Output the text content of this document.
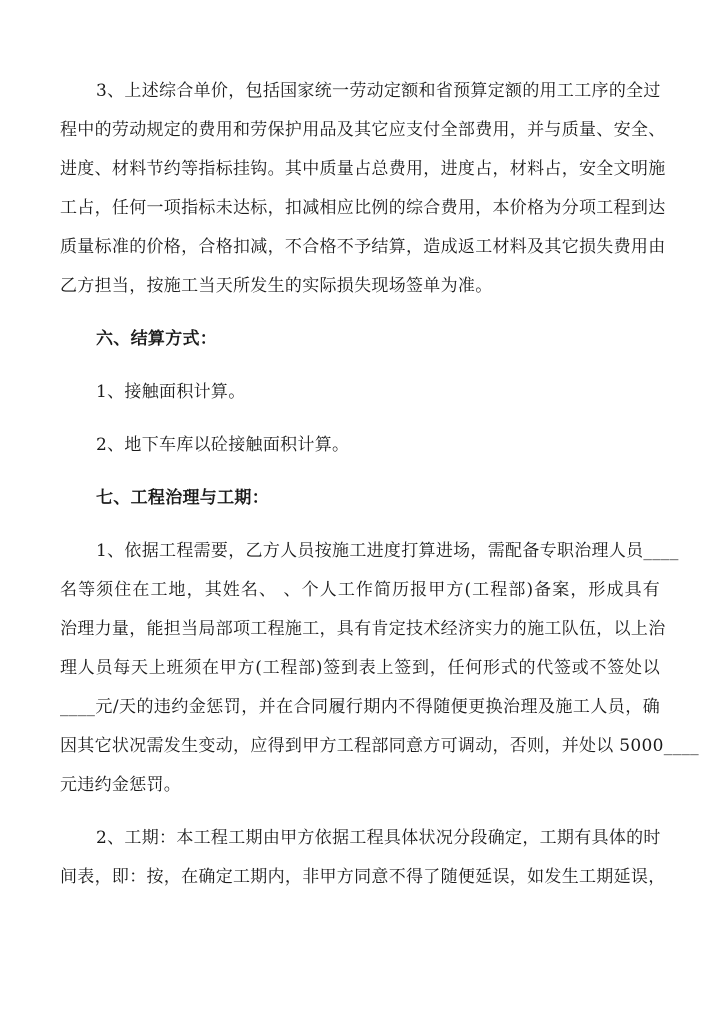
3、上述综合单价，包括国家统一劳动定额和省预算定额的用工工序的全过
程中的劳动规定的费用和劳保护用品及其它应支付全部费用，并与质量、安全、
进度、材料节约等指标挂钩。其中质量占总费用，进度占，材料占，安全文明施
工占，任何一项指标未达标，扣减相应比例的综合费用，本价格为分项工程到达
质量标准的价格，合格扣减，不合格不予结算，造成返工材料及其它损失费用由
乙方担当，按施工当天所发生的实际损失现场签单为准。
六、结算方式：
1、接触面积计算。
2、地下车库以砼接触面积计算。
七、工程治理与工期：
1、依据工程需要，乙方人员按施工进度打算进场，需配备专职治理人员____
名等须住在工地，其姓名、 、个人工作简历报甲方(工程部)备案，形成具有
治理力量，能担当局部项工程施工，具有肯定技术经济实力的施工队伍，以上治
理人员每天上班须在甲方(工程部)签到表上签到，任何形式的代签或不签处以
____元/天的违约金惩罚，并在合同履行期内不得随便更换治理及施工人员，确
因其它状况需发生变动，应得到甲方工程部同意方可调动，否则，并处以 5000____
元违约金惩罚。
2、工期：本工程工期由甲方依据工程具体状况分段确定，工期有具体的时
间表，即：按，在确定工期内，非甲方同意不得了随便延误，如发生工期延误，
